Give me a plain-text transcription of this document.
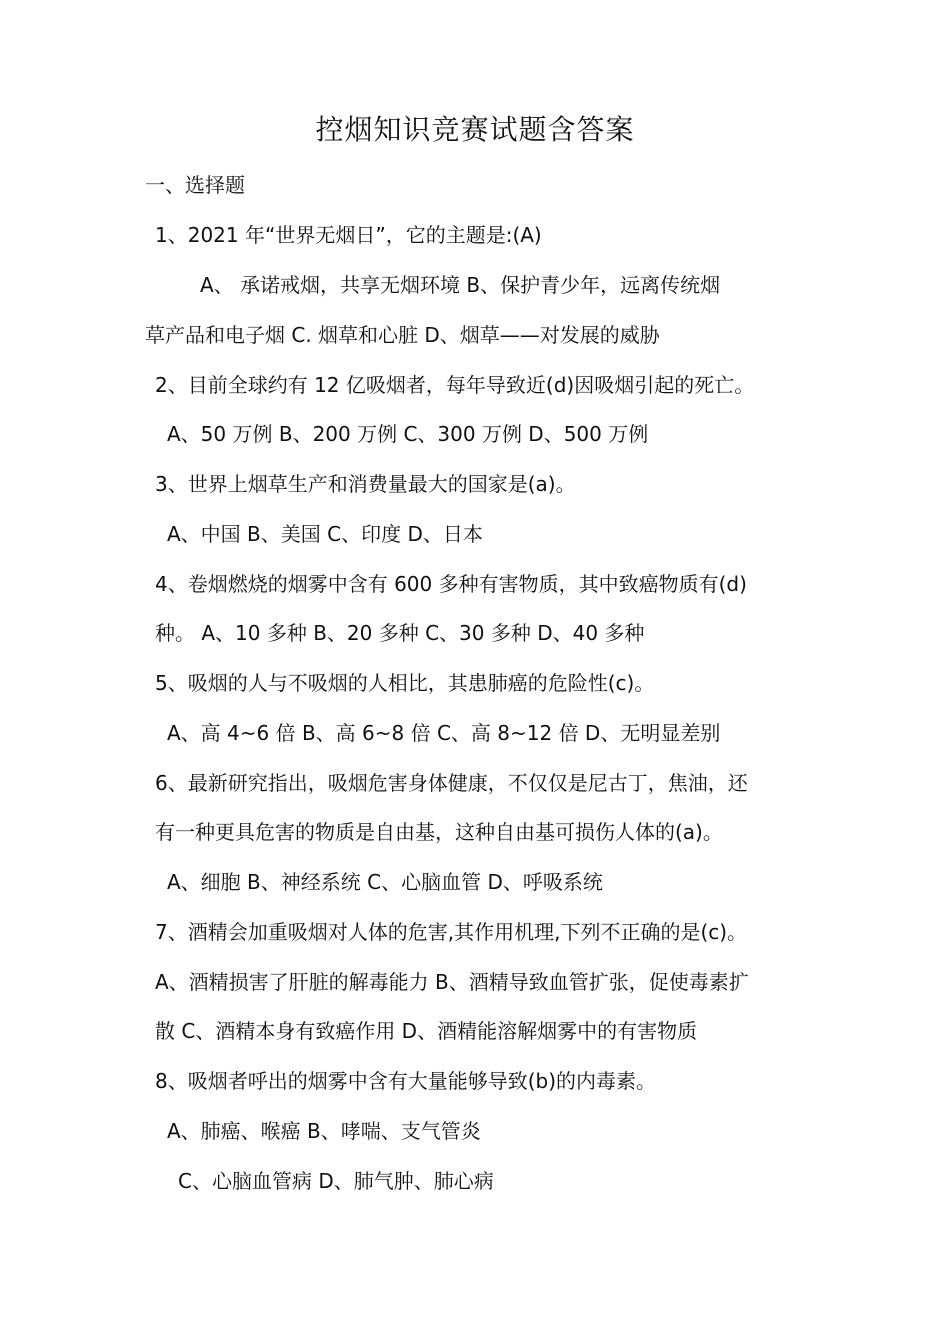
控烟知识竞赛试题含答案
一、选择题
1、2021 年“世界无烟日”，它的主题是:(A)
A、 承诺戒烟，共享无烟环境 B、保护青少年，远离传统烟
草产品和电子烟 C. 烟草和心脏 D、烟草——对发展的威胁
2、目前全球约有 12 亿吸烟者，每年导致近(d)因吸烟引起的死亡。
A、50 万例 B、200 万例 C、300 万例 D、500 万例
3、世界上烟草生产和消费量最大的国家是(a)。
A、中国 B、美国 C、印度 D、日本
4、卷烟燃烧的烟雾中含有 600 多种有害物质，其中致癌物质有(d)
种。 A、10 多种 B、20 多种 C、30 多种 D、40 多种
5、吸烟的人与不吸烟的人相比，其患肺癌的危险性(c)。
A、高 4~6 倍 B、高 6~8 倍 C、高 8~12 倍 D、无明显差别
6、最新研究指出，吸烟危害身体健康，不仅仅是尼古丁，焦油，还
有一种更具危害的物质是自由基，这种自由基可损伤人体的(a)。
A、细胞 B、神经系统 C、心脑血管 D、呼吸系统
7、酒精会加重吸烟对人体的危害,其作用机理,下列不正确的是(c)。
A、酒精损害了肝脏的解毒能力 B、酒精导致血管扩张，促使毒素扩
散 C、酒精本身有致癌作用 D、酒精能溶解烟雾中的有害物质
8、吸烟者呼出的烟雾中含有大量能够导致(b)的内毒素。
A、肺癌、喉癌 B、哮喘、支气管炎
C、心脑血管病 D、肺气肿、肺心病
